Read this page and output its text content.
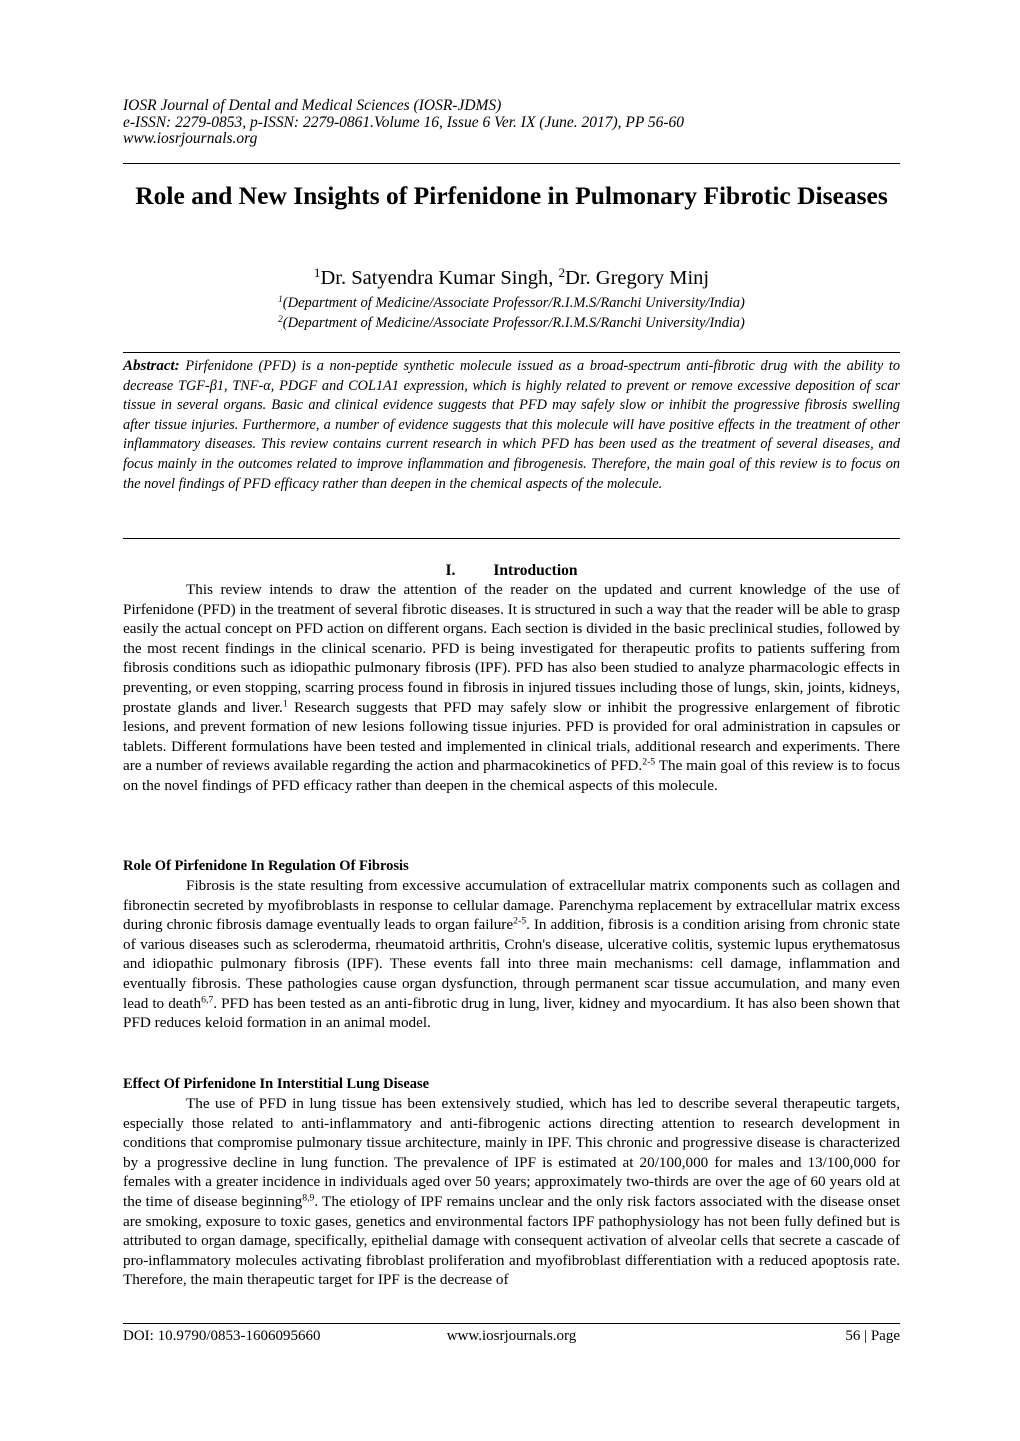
IOSR Journal of Dental and Medical Sciences (IOSR-JDMS)
e-ISSN: 2279-0853, p-ISSN: 2279-0861.Volume 16, Issue 6 Ver. IX (June. 2017), PP 56-60
www.iosrjournals.org
Role and New Insights of Pirfenidone in Pulmonary Fibrotic Diseases
$^1$Dr. Satyendra Kumar Singh, $^2$Dr. Gregory Minj
$^1$(Department of Medicine/Associate Professor/R.I.M.S/Ranchi University/India)
$^2$(Department of Medicine/Associate Professor/R.I.M.S/Ranchi University/India)
Abstract: Pirfenidone (PFD) is a non-peptide synthetic molecule issued as a broad-spectrum anti-fibrotic drug with the ability to decrease TGF-β1, TNF-α, PDGF and COL1A1 expression, which is highly related to prevent or remove excessive deposition of scar tissue in several organs. Basic and clinical evidence suggests that PFD may safely slow or inhibit the progressive fibrosis swelling after tissue injuries. Furthermore, a number of evidence suggests that this molecule will have positive effects in the treatment of other inflammatory diseases. This review contains current research in which PFD has been used as the treatment of several diseases, and focus mainly in the outcomes related to improve inflammation and fibrogenesis. Therefore, the main goal of this review is to focus on the novel findings of PFD efficacy rather than deepen in the chemical aspects of the molecule.
I. Introduction
This review intends to draw the attention of the reader on the updated and current knowledge of the use of Pirfenidone (PFD) in the treatment of several fibrotic diseases. It is structured in such a way that the reader will be able to grasp easily the actual concept on PFD action on different organs. Each section is divided in the basic preclinical studies, followed by the most recent findings in the clinical scenario. PFD is being investigated for therapeutic profits to patients suffering from fibrosis conditions such as idiopathic pulmonary fibrosis (IPF). PFD has also been studied to analyze pharmacologic effects in preventing, or even stopping, scarring process found in fibrosis in injured tissues including those of lungs, skin, joints, kidneys, prostate glands and liver.$^1$ Research suggests that PFD may safely slow or inhibit the progressive enlargement of fibrotic lesions, and prevent formation of new lesions following tissue injuries. PFD is provided for oral administration in capsules or tablets. Different formulations have been tested and implemented in clinical trials, additional research and experiments. There are a number of reviews available regarding the action and pharmacokinetics of PFD.$^{2-5}$ The main goal of this review is to focus on the novel findings of PFD efficacy rather than deepen in the chemical aspects of this molecule.
Role Of Pirfenidone In Regulation Of Fibrosis
Fibrosis is the state resulting from excessive accumulation of extracellular matrix components such as collagen and fibronectin secreted by myofibroblasts in response to cellular damage. Parenchyma replacement by extracellular matrix excess during chronic fibrosis damage eventually leads to organ failure$^{2-5}$. In addition, fibrosis is a condition arising from chronic state of various diseases such as scleroderma, rheumatoid arthritis, Crohn's disease, ulcerative colitis, systemic lupus erythematosus and idiopathic pulmonary fibrosis (IPF). These events fall into three main mechanisms: cell damage, inflammation and eventually fibrosis. These pathologies cause organ dysfunction, through permanent scar tissue accumulation, and many even lead to death$^{6,7}$. PFD has been tested as an anti-fibrotic drug in lung, liver, kidney and myocardium. It has also been shown that PFD reduces keloid formation in an animal model.
Effect Of Pirfenidone In Interstitial Lung Disease
The use of PFD in lung tissue has been extensively studied, which has led to describe several therapeutic targets, especially those related to anti-inflammatory and anti-fibrogenic actions directing attention to research development in conditions that compromise pulmonary tissue architecture, mainly in IPF. This chronic and progressive disease is characterized by a progressive decline in lung function. The prevalence of IPF is estimated at 20/100,000 for males and 13/100,000 for females with a greater incidence in individuals aged over 50 years; approximately two-thirds are over the age of 60 years old at the time of disease beginning$^{8,9}$. The etiology of IPF remains unclear and the only risk factors associated with the disease onset are smoking, exposure to toxic gases, genetics and environmental factors IPF pathophysiology has not been fully defined but is attributed to organ damage, specifically, epithelial damage with consequent activation of alveolar cells that secrete a cascade of pro-inflammatory molecules activating fibroblast proliferation and myofibroblast differentiation with a reduced apoptosis rate. Therefore, the main therapeutic target for IPF is the decrease of
DOI: 10.9790/0853-1606095660	www.iosrjournals.org	56 | Page
